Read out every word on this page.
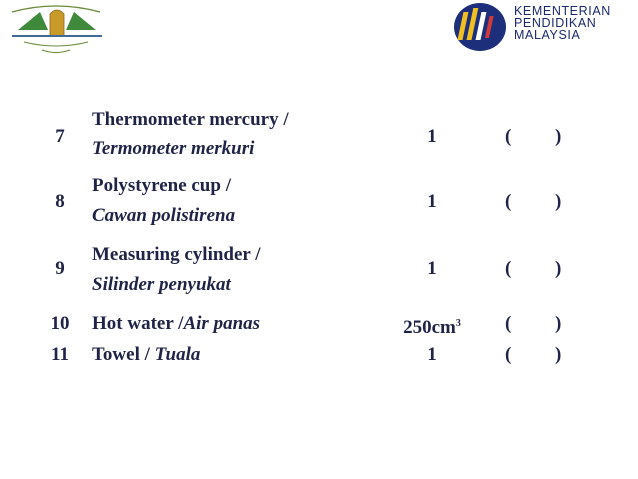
KEMENTERIAN
PENDIDIKAN
MALAYSIA
7
Thermometer mercury /
Termometer merkuri
1	( )
8
Polystyrene cup /
Cawan polistirena
1	( )
9
Measuring cylinder /
Silinder penyukat
1	( )
10 Hot water /Air panas	$250cm^3$	( )
11 Towel / Tuala	1	( )
